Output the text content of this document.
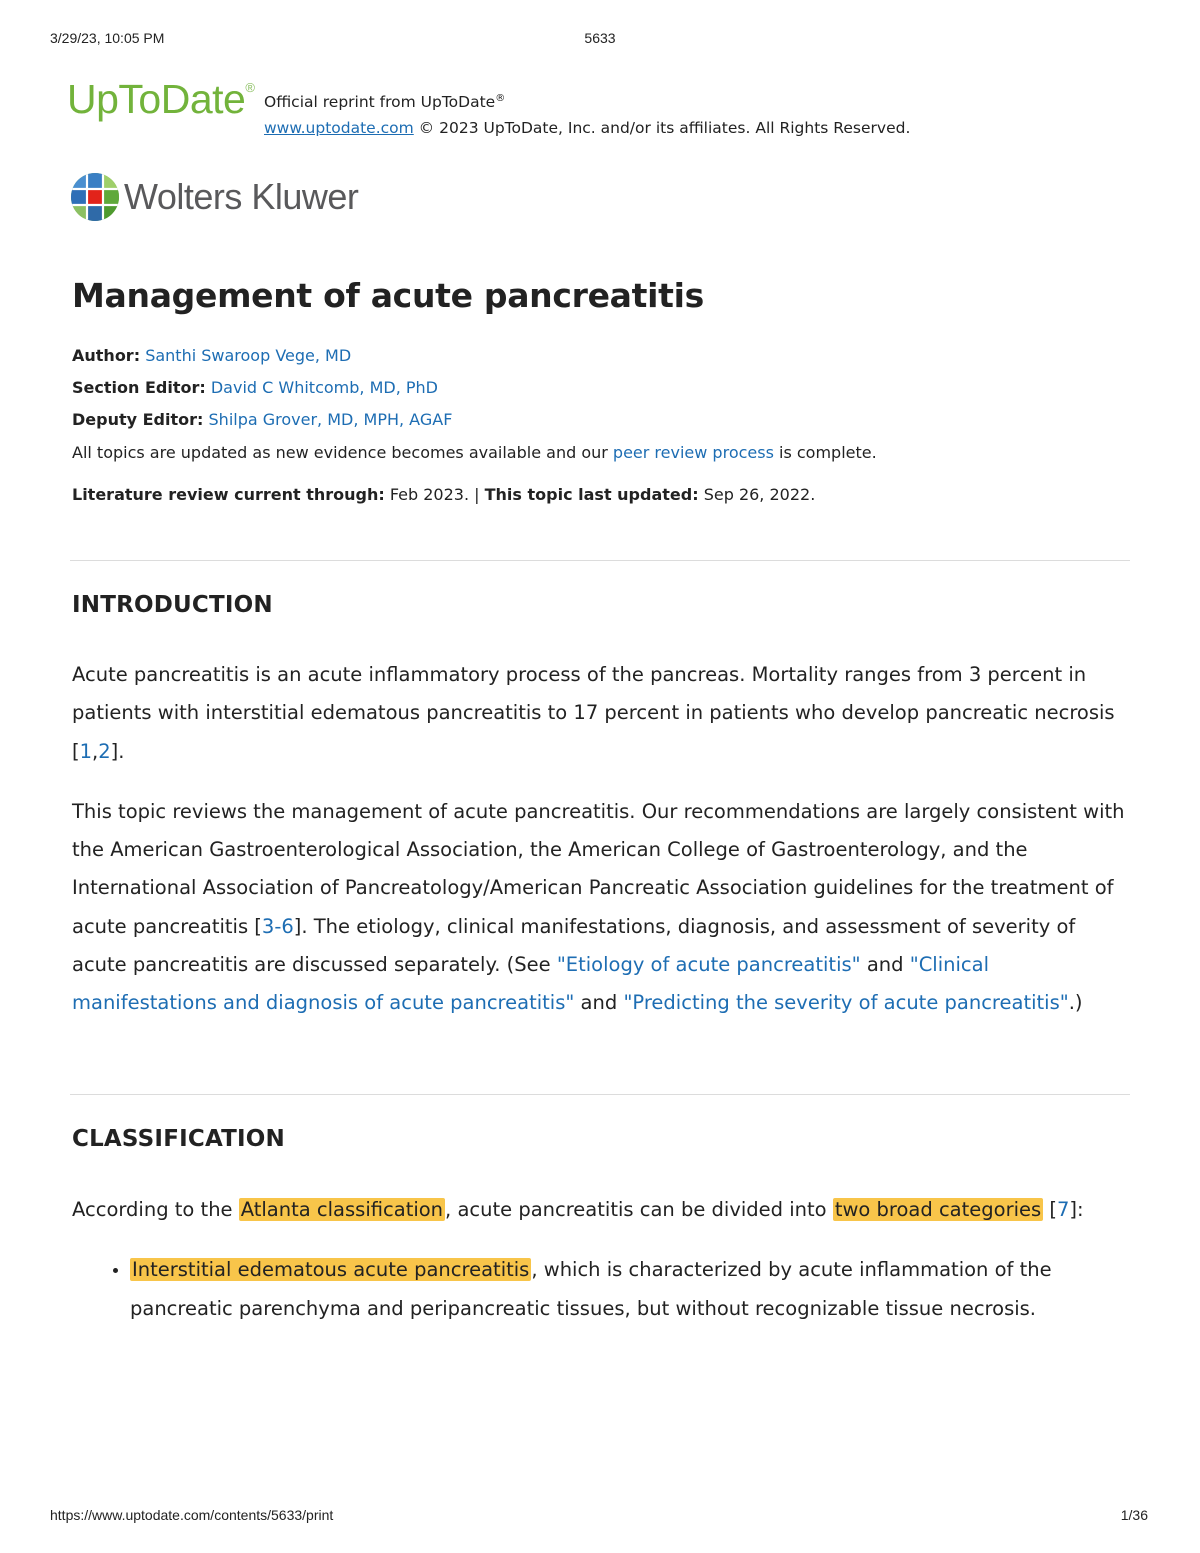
3/29/23, 10:05 PM	5633
UpToDate®
Official reprint from UpToDate®
www.uptodate.com © 2023 UpToDate, Inc. and/or its affiliates. All Rights Reserved.
Wolters Kluwer
Management of acute pancreatitis
Author: Santhi Swaroop Vege, MD
Section Editor: David C Whitcomb, MD, PhD
Deputy Editor: Shilpa Grover, MD, MPH, AGAF
All topics are updated as new evidence becomes available and our peer review process is complete.
Literature review current through: Feb 2023. | This topic last updated: Sep 26, 2022.
INTRODUCTION

Acute pancreatitis is an acute inflammatory process of the pancreas. Mortality ranges from 3 percent in patients with interstitial edematous pancreatitis to 17 percent in patients who develop pancreatic necrosis [1,2].

This topic reviews the management of acute pancreatitis. Our recommendations are largely consistent with the American Gastroenterological Association, the American College of Gastroenterology, and the International Association of Pancreatology/American Pancreatic Association guidelines for the treatment of acute pancreatitis [3-6]. The etiology, clinical manifestations, diagnosis, and assessment of severity of acute pancreatitis are discussed separately. (See "Etiology of acute pancreatitis" and "Clinical manifestations and diagnosis of acute pancreatitis" and "Predicting the severity of acute pancreatitis".)

CLASSIFICATION

According to the Atlanta classification , acute pancreatitis can be divided into two broad categories [7]:

• Interstitial edematous acute pancreatitis , which is characterized by acute inflammation of the pancreatic parenchyma and peripancreatic tissues, but without recognizable tissue necrosis.
https://www.uptodate.com/contents/5633/print	1/36
